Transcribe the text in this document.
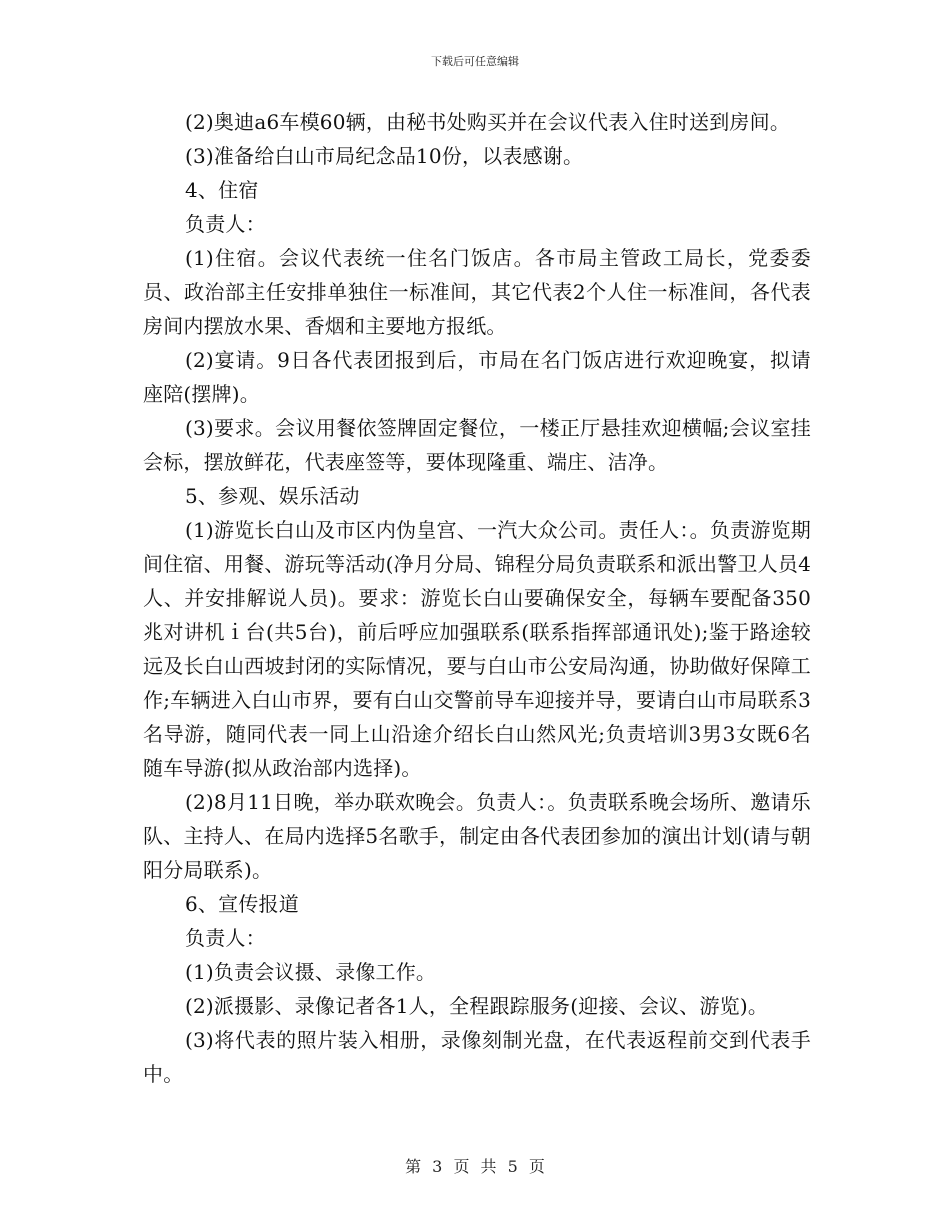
下载后可任意编辑

(2)奥迪a6车模60辆，由秘书处购买并在会议代表入住时送到房间。

(3)准备给白山市局纪念品10份，以表感谢。

4、住宿

负责人：

(1)住宿。会议代表统一住名门饭店。各市局主管政工局长，党委委员、政治部主任安排单独住一标准间，其它代表2个人住一标准间，各代表房间内摆放水果、香烟和主要地方报纸。

(2)宴请。9日各代表团报到后，市局在名门饭店进行欢迎晚宴，拟请 座陪(摆牌)。

(3)要求。会议用餐依签牌固定餐位，一楼正厅悬挂欢迎横幅;会议室挂会标，摆放鲜花，代表座签等，要体现隆重、端庄、洁净。

5、参观、娱乐活动

(1)游览长白山及市区内伪皇宫、一汽大众公司。责任人：。负责游览期间住宿、用餐、游玩等活动(净月分局、锦程分局负责联系和派出警卫人员4人、并安排解说人员)。要求：游览长白山要确保安全，每辆车要配备350兆对讲机ｉ台(共5台)，前后呼应加强联系(联系指挥部通讯处);鉴于路途较远及长白山西坡封闭的实际情况，要与白山市公安局沟通，协助做好保障工作;车辆进入白山市界，要有白山交警前导车迎接并导，要请白山市局联系3名导游，随同代表一同上山沿途介绍长白山然风光;负责培训3男3女既6名随车导游(拟从政治部内选择)。

(2)8月11日晚，举办联欢晚会。负责人：。负责联系晚会场所、邀请乐队、主持人、在局内选择5名歌手，制定由各代表团参加的演出计划(请与朝阳分局联系)。

6、宣传报道

负责人：

(1)负责会议摄、录像工作。

(2)派摄影、录像记者各1人，全程跟踪服务(迎接、会议、游览)。

(3)将代表的照片装入相册，录像刻制光盘，在代表返程前交到代表手中。

第 3 页 共 5 页
